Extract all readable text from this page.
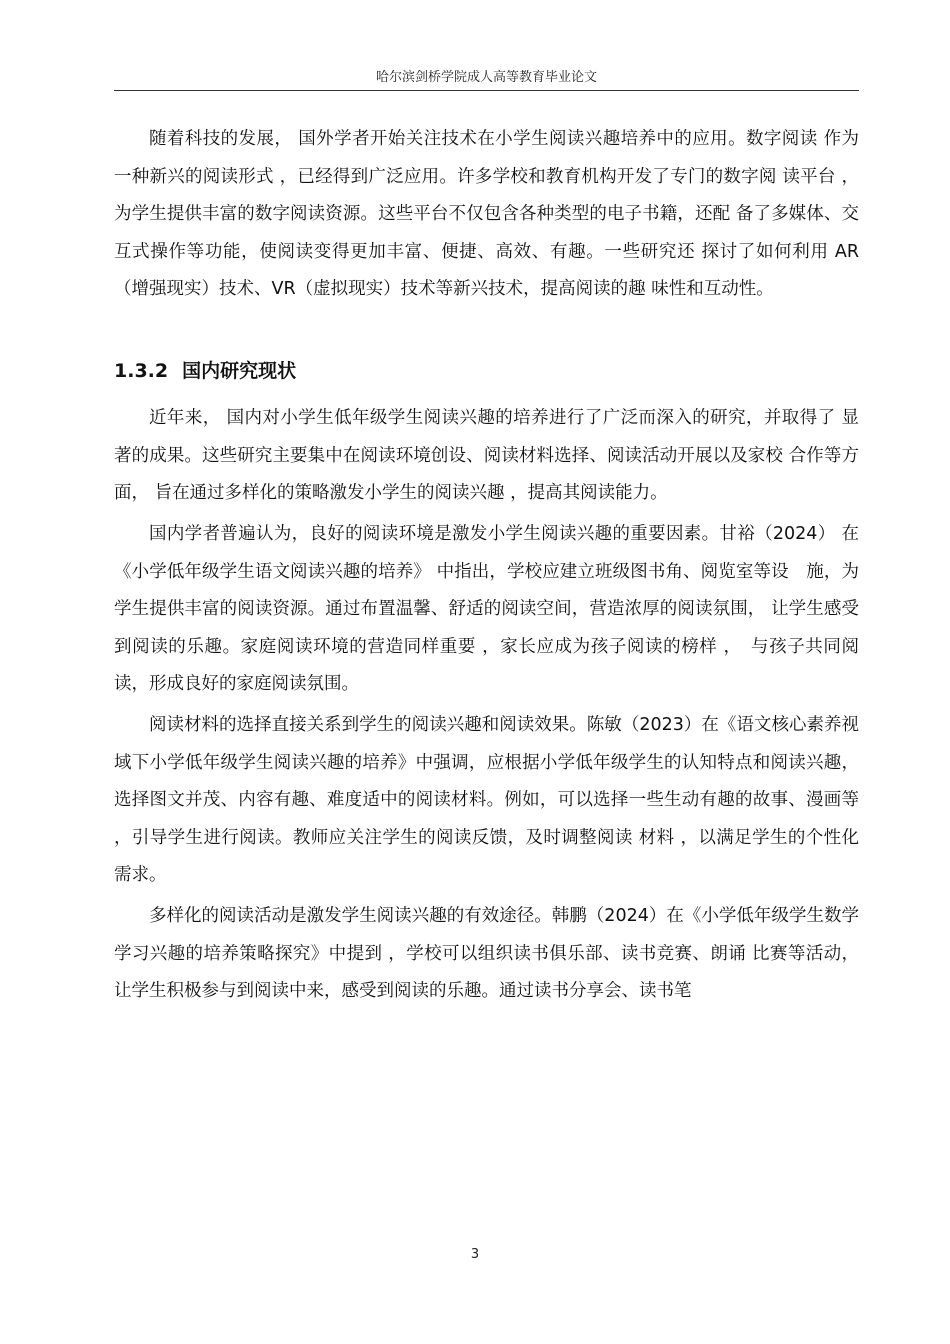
哈尔滨剑桥学院成人高等教育毕业论文

随着科技的发展， 国外学者开始关注技术在小学生阅读兴趣培养中的应用。数字阅读 作为一种新兴的阅读形式 ，已经得到广泛应用。许多学校和教育机构开发了专门的数字阅 读平台 ，为学生提供丰富的数字阅读资源。这些平台不仅包含各种类型的电子书籍，还配 备了多媒体、交互式操作等功能，使阅读变得更加丰富、便捷、高效、有趣。一些研究还 探讨了如何利用 AR（增强现实）技术、VR（虚拟现实）技术等新兴技术，提高阅读的趣 味性和互动性。

1.3.2 国内研究现状

近年来， 国内对小学生低年级学生阅读兴趣的培养进行了广泛而深入的研究，并取得了 显著的成果。这些研究主要集中在阅读环境创设、阅读材料选择、阅读活动开展以及家校 合作等方面， 旨在通过多样化的策略激发小学生的阅读兴趣 ，提高其阅读能力。

国内学者普遍认为，良好的阅读环境是激发小学生阅读兴趣的重要因素。甘裕（2024） 在《小学低年级学生语文阅读兴趣的培养》 中指出，学校应建立班级图书角、阅览室等设　施，为学生提供丰富的阅读资源。通过布置温馨、舒适的阅读空间，营造浓厚的阅读氛围， 让学生感受到阅读的乐趣。家庭阅读环境的营造同样重要 ，家长应成为孩子阅读的榜样 ，　与孩子共同阅读，形成良好的家庭阅读氛围。

阅读材料的选择直接关系到学生的阅读兴趣和阅读效果。陈敏（2023）在《语文核心素养视域下小学低年级学生阅读兴趣的培养》中强调，应根据小学低年级学生的认知特点和阅读兴趣，选择图文并茂、内容有趣、难度适中的阅读材料。例如，可以选择一些生动有趣的故事、漫画等 ，引导学生进行阅读。教师应关注学生的阅读反馈，及时调整阅读 材料 ，以满足学生的个性化需求。

多样化的阅读活动是激发学生阅读兴趣的有效途径。韩鹏（2024）在《小学低年级学生数学学习兴趣的培养策略探究》中提到 ，学校可以组织读书俱乐部、读书竞赛、朗诵 比赛等活动，让学生积极参与到阅读中来，感受到阅读的乐趣。通过读书分享会、读书笔

3
